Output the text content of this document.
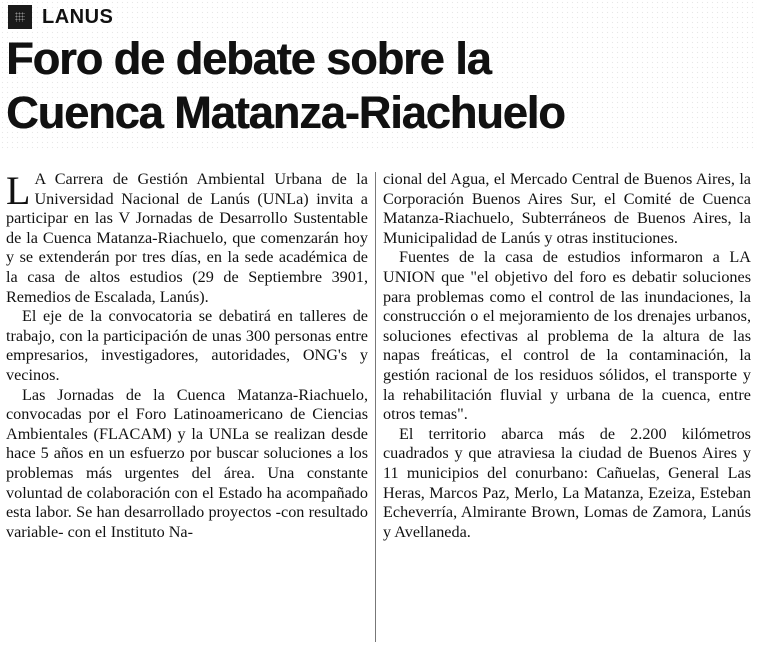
LANUS
Foro de debate sobre la
Cuenca Matanza-Riachuelo

L A Carrera de Gestión Ambiental Urbana de la Universidad Nacional de Lanús (UNLa) invita a participar en las V Jornadas de Desarrollo Sustentable de la Cuenca Matanza-Riachuelo, que comenzarán hoy y se extenderán por tres días, en la sede académica de la casa de altos estudios (29 de Septiembre 3901, Remedios de Escalada, Lanús).

El eje de la convocatoria se debatirá en talleres de trabajo, con la participación de unas 300 personas entre empresarios, investigadores, autoridades, ONG's y vecinos.

Las Jornadas de la Cuenca Matanza-Riachuelo, convocadas por el Foro Latinoamericano de Ciencias Ambientales (FLACAM) y la UNLa se realizan desde hace 5 años en un esfuerzo por buscar soluciones a los problemas más urgentes del área. Una constante voluntad de colaboración con el Estado ha acompañado esta labor. Se han desarrollado proyectos -con resultado variable- con el Instituto Na-

cional del Agua, el Mercado Central de Buenos Aires, la Corporación Buenos Aires Sur, el Comité de Cuenca Matanza-Riachuelo, Subterráneos de Buenos Aires, la Municipalidad de Lanús y otras instituciones.

Fuentes de la casa de estudios informaron a LA UNION que "el objetivo del foro es debatir soluciones para problemas como el control de las inundaciones, la construcción o el mejoramiento de los drenajes urbanos, soluciones efectivas al problema de la altura de las napas freáticas, el control de la contaminación, la gestión racional de los residuos sólidos, el transporte y la rehabilitación fluvial y urbana de la cuenca, entre otros temas".

El territorio abarca más de 2.200 kilómetros cuadrados y que atraviesa la ciudad de Buenos Aires y 11 municipios del conurbano: Cañuelas, General Las Heras, Marcos Paz, Merlo, La Matanza, Ezeiza, Esteban Echeverría, Almirante Brown, Lomas de Zamora, Lanús y Avellaneda.
